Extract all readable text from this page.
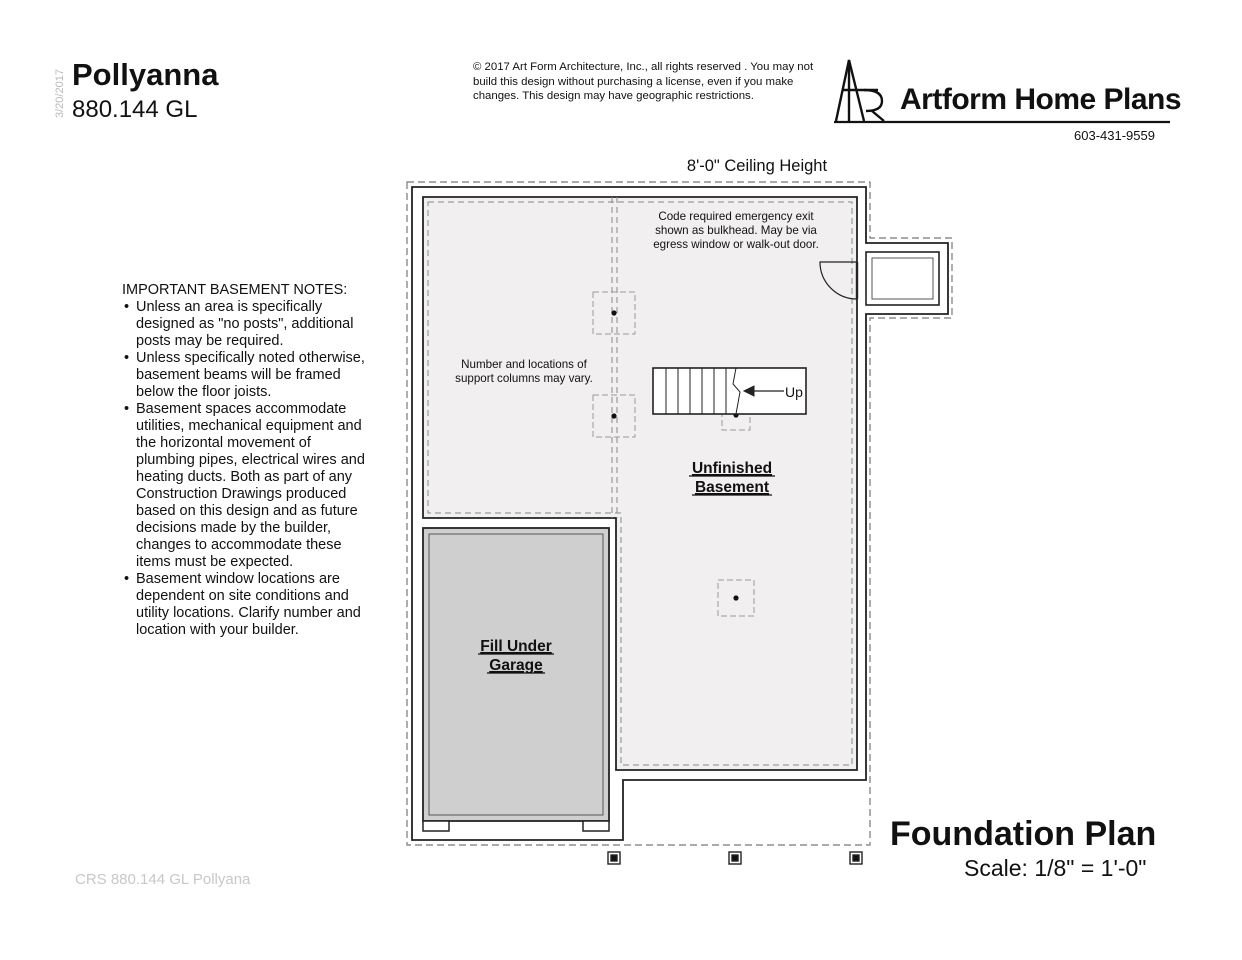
3/20/2017 Pollyanna
880.144 GL
© 2017 Art Form Architecture, Inc., all rights reserved . You may not build this design without purchasing a license, even if you make changes. This design may have geographic restrictions.	Artform Home Plans
603-431-9559
IMPORTANT BASEMENT NOTES:
• Unless an area is specifically designed as "no posts", additional posts may be required.
• Unless specifically noted otherwise, basement beams will be framed below the floor joists.
• Basement spaces accommodate utilities, mechanical equipment and the horizontal movement of plumbing pipes, electrical wires and heating ducts. Both as part of any Construction Drawings produced based on this design and as future decisions made by the builder, changes to accommodate these items must be expected.
• Basement window locations are dependent on site conditions and utility locations. Clarify number and location with your builder.
8'-0" Ceiling Height
Code required emergency exit
shown as bulkhead. May be via
egress window or walk-out door.
Number and locations of
support columns may vary.
Up
Unfinished
Basement
Fill Under
Garage
Foundation Plan
Scale: 1/8" = 1'-0"
CRS 880.144 GL Pollyana
